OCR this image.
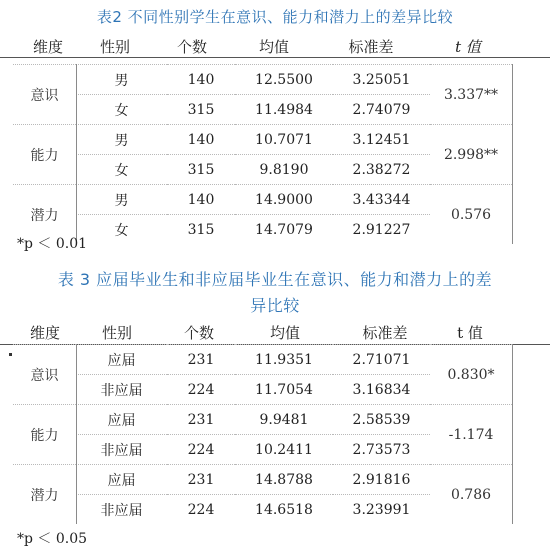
表2 不同性别学生在意识、能力和潜力上的差异比较
维度 性别	个数	均值	标准差	t 值
意识	男	140	12.5500	3.25051	3.337**
	女	315	11.4984	2.74079	
能力	男	140	10.7071	3.12451	2.998**
	女	315	9.8190	2.38272	
潜力	男	140	14.9000	3.43344	0.576
	女	315	14.7079	2.91227	
*p ＜ 0.01
表 3 应届毕业生和非应届毕业生在意识、能力和潜力上的差
异比较
维度	性别	个数	均值	标准差	t 值
意识	应届	231	11.9351	2.71071	0.830*
	非应届	224	11.7054	3.16834	
能力	应届	231	9.9481	2.58539	-1.174
	非应届	224	10.2411	2.73573	
潜力	应届	231	14.8788	2.91816	0.786
	非应届	224	14.6518	3.23991	
*p ＜ 0.05
